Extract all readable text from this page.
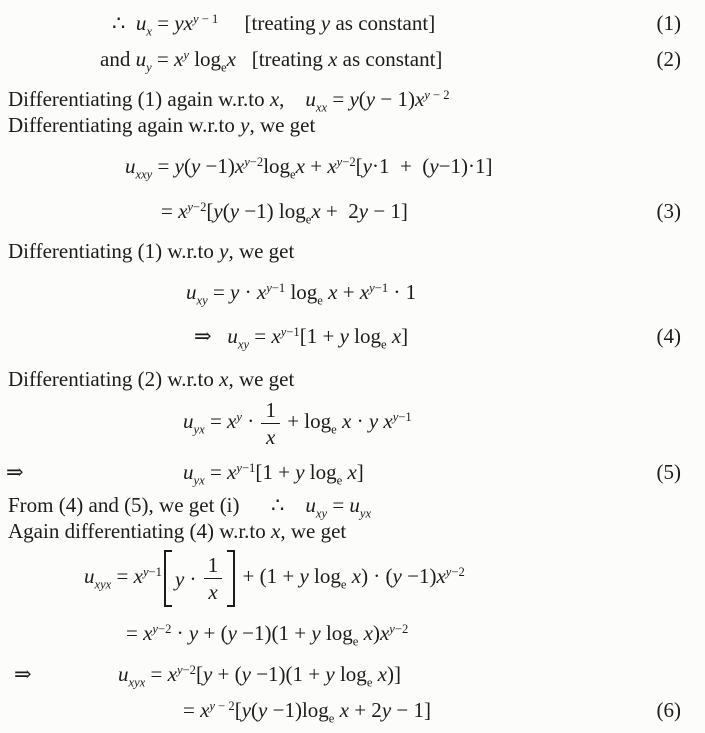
∴  $u_x = yx^{y - 1}$     [treating y as constant]	(1)
and $u_y = x^y$ $\log_ex$   [treating x as constant]	(2)
Differentiating (1) again w.r.to x,    $u_{xx} = y(y - 1)x^{y - 2}$
Differentiating again w.r.to y, we get
$u_{xxy} = y(y -1)x^{y-2}\log_ex + x^{y-2}[y\cdot 1 + (y-1)\cdot 1]$
= $x^{y-2}[y(y -1) \log_ex + 2y - 1]$	(3)
Differentiating (1) w.r.to y, we get
$u_{xy} = y \cdot x^{y-1}$ $\log_e x + x^{y-1} \cdot 1$
⇒   $u_{xy} = x^{y-1}[1 + y$ $\log_e x$]	(4)
Differentiating (2) w.r.to x, we get
$u_{yx} = x^y \cdot \frac{1}{x} + \log_e x \cdot y$ $x^{y-1}$
⇒	$u_{yx} = x^{y-1}[1 + y$ $\log_e x$]	(5)
From (4) and (5), we get (i)      ∴    $u_{xy} = u_{yx}$
Again differentiating (4) w.r.to x, we get
$u_{xyx} = x^{y-1}$ $y \cdot \frac{1}{x} + (1 + y$ $\log_e x) \cdot (y -1)x^{y-2}$
= $x^{y-2} \cdot y + (y -1)(1 + y$ $\log_e x)x^{y-2}$
⇒	$u_{xyx} = x^{y-2}[y + (y -1)(1 + y$ $\log_e x$)]
= $x^{y - 2}[y(y -1)\log_e$ x + 2y − 1]	(6)
